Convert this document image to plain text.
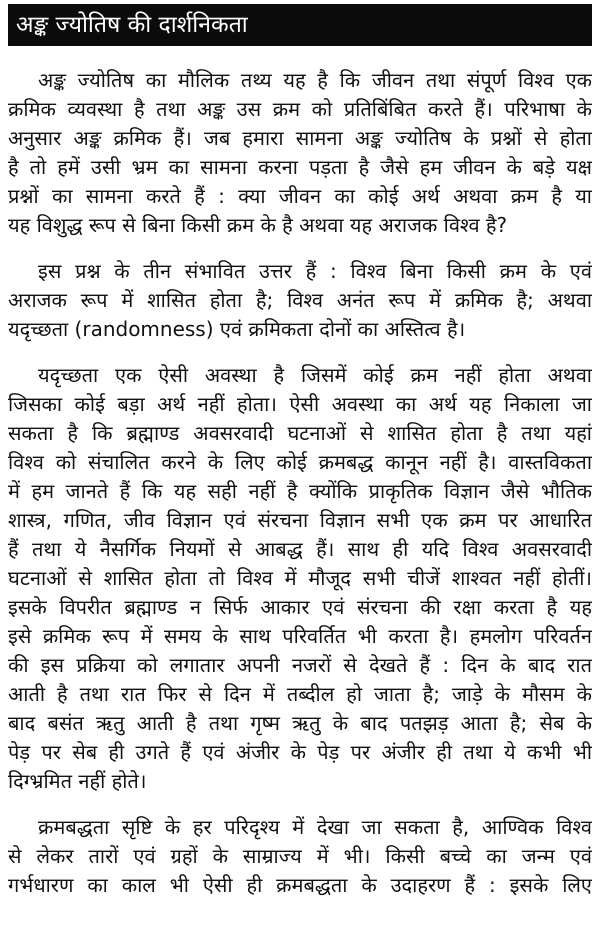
अङ्क ज्योतिष की दार्शनिकता
अङ्क ज्योतिष का मौलिक तथ्य यह है कि जीवन तथा संपूर्ण विश्व एक
क्रमिक व्यवस्था है तथा अङ्क उस क्रम को प्रतिबिंबित करते हैं। परिभाषा के
अनुसार अङ्क क्रमिक हैं। जब हमारा सामना अङ्क ज्योतिष के प्रश्नों से होता
है तो हमें उसी भ्रम का सामना करना पड़ता है जैसे हम जीवन के बड़े यक्ष
प्रश्नों का सामना करते हैं : क्या जीवन का कोई अर्थ अथवा क्रम है या
यह विशुद्ध रूप से बिना किसी क्रम के है अथवा यह अराजक विश्व है?
इस प्रश्न के तीन संभावित उत्तर हैं : विश्व बिना किसी क्रम के एवं
अराजक रूप में शासित होता है; विश्व अनंत रूप में क्रमिक है; अथवा
यदृच्छता (randomness) एवं क्रमिकता दोनों का अस्तित्व है।
यदृच्छता एक ऐसी अवस्था है जिसमें कोई क्रम नहीं होता अथवा
जिसका कोई बड़ा अर्थ नहीं होता। ऐसी अवस्था का अर्थ यह निकाला जा
सकता है कि ब्रह्माण्ड अवसरवादी घटनाओं से शासित होता है तथा यहां
विश्व को संचालित करने के लिए कोई क्रमबद्ध कानून नहीं है। वास्तविकता
में हम जानते हैं कि यह सही नहीं है क्योंकि प्राकृतिक विज्ञान जैसे भौतिक
शास्त्र, गणित, जीव विज्ञान एवं संरचना विज्ञान सभी एक क्रम पर आधारित
हैं तथा ये नैसर्गिक नियमों से आबद्ध हैं। साथ ही यदि विश्व अवसरवादी
घटनाओं से शासित होता तो विश्व में मौजूद सभी चीजें शाश्वत नहीं होतीं।
इसके विपरीत ब्रह्माण्ड न सिर्फ आकार एवं संरचना की रक्षा करता है यह
इसे क्रमिक रूप में समय के साथ परिवर्तित भी करता है। हमलोग परिवर्तन
की इस प्रक्रिया को लगातार अपनी नजरों से देखते हैं : दिन के बाद रात
आती है तथा रात फिर से दिन में तब्दील हो जाता है; जाड़े के मौसम के
बाद बसंत ऋतु आती है तथा गृष्म ऋतु के बाद पतझड़ आता है; सेब के
पेड़ पर सेब ही उगते हैं एवं अंजीर के पेड़ पर अंजीर ही तथा ये कभी भी
दिग्भ्रमित नहीं होते।
क्रमबद्धता सृष्टि के हर परिदृश्य में देखा जा सकता है, आण्विक विश्व
से लेकर तारों एवं ग्रहों के साम्राज्य में भी। किसी बच्चे का जन्म एवं
गर्भधारण का काल भी ऐसी ही क्रमबद्धता के उदाहरण हैं : इसके लिए
